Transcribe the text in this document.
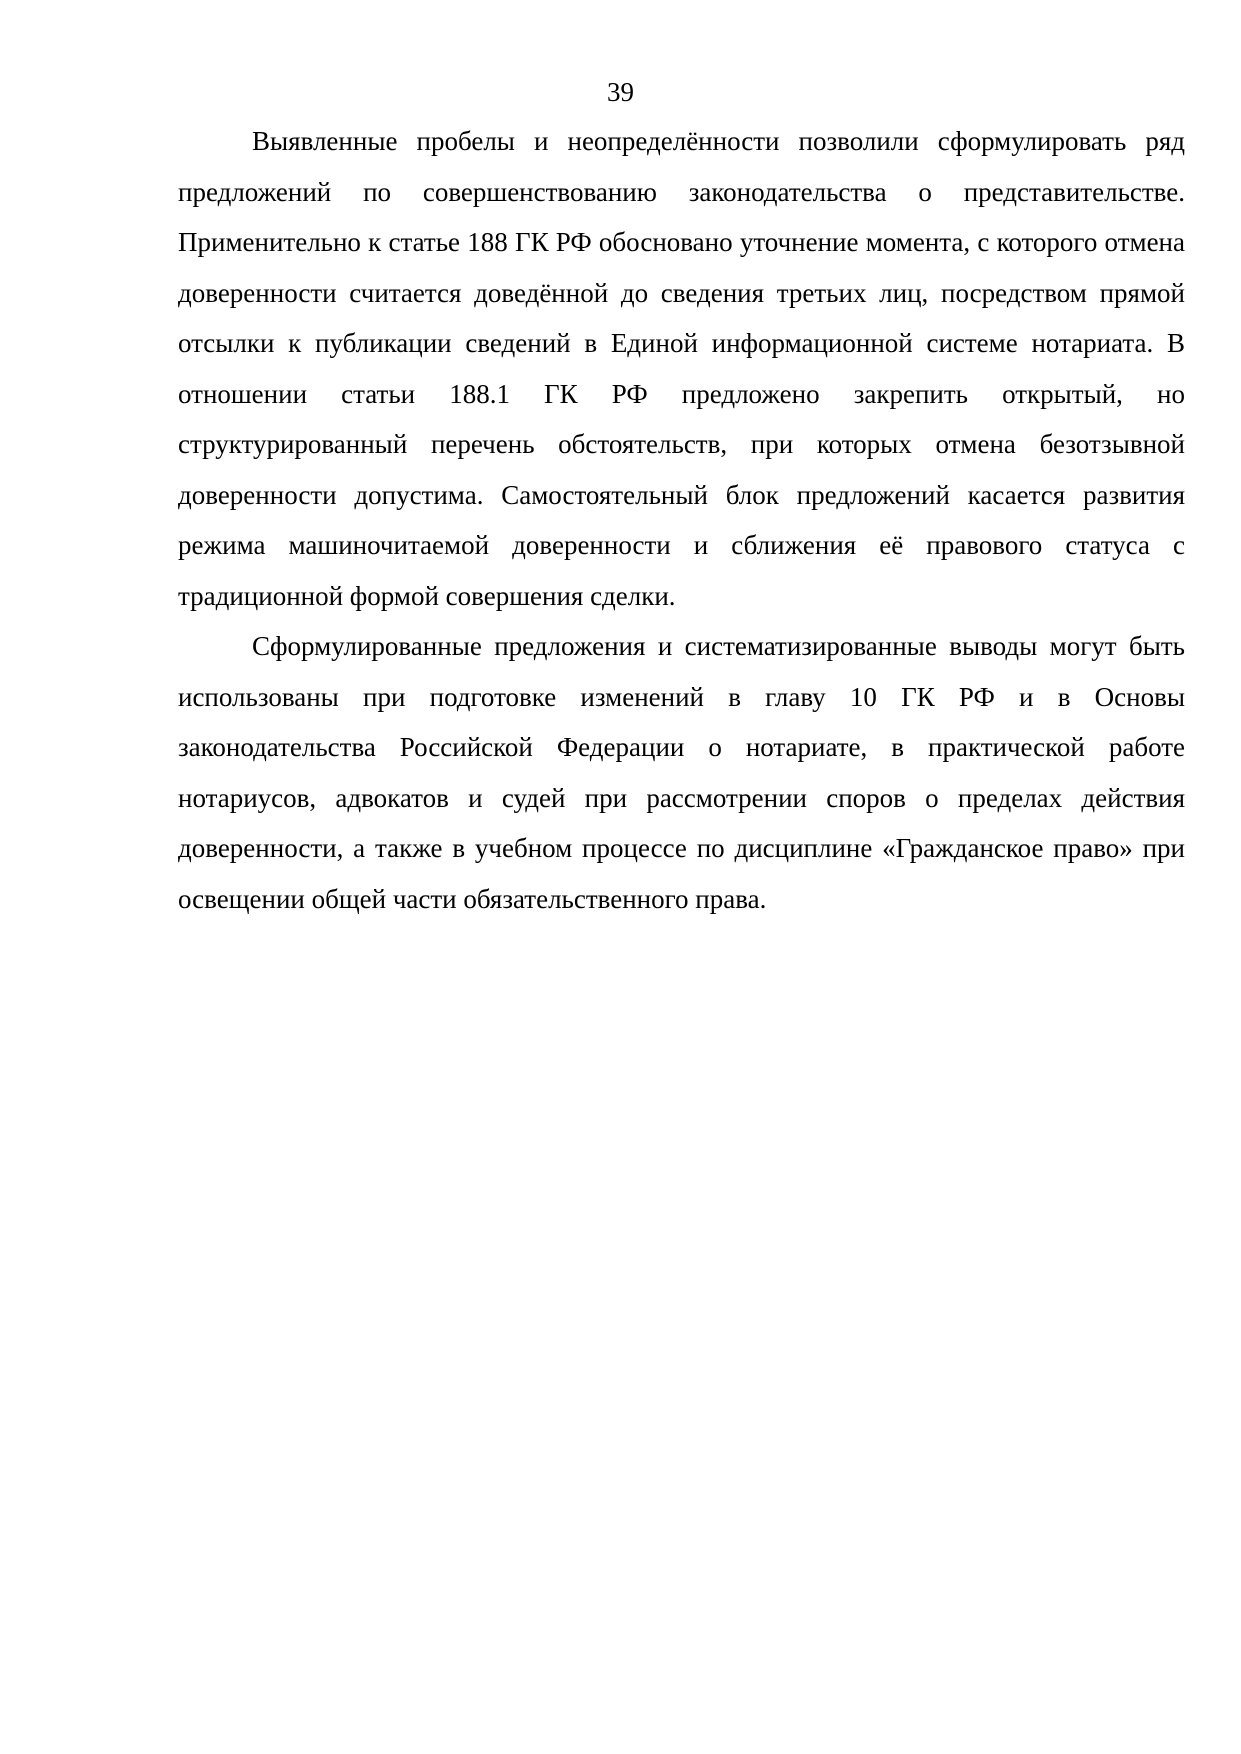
39

Выявленные пробелы и неопределённости позволили сформулировать ряд предложений по совершенствованию законодательства о представительстве. Применительно к статье 188 ГК РФ обосновано уточнение момента, с которого отмена доверенности считается доведённой до сведения третьих лиц, посредством прямой отсылки к публикации сведений в Единой информационной системе нотариата. В отношении статьи 188.1 ГК РФ предложено закрепить открытый, но структурированный перечень обстоятельств, при которых отмена безотзывной доверенности допустима. Самостоятельный блок предложений касается развития режима машиночитаемой доверенности и сближения её правового статуса с традиционной формой совершения сделки.

Сформулированные предложения и систематизированные выводы могут быть использованы при подготовке изменений в главу 10 ГК РФ и в Основы законодательства Российской Федерации о нотариате, в практической работе нотариусов, адвокатов и судей при рассмотрении споров о пределах действия доверенности, а также в учебном процессе по дисциплине «Гражданское право» при освещении общей части обязательственного права.
